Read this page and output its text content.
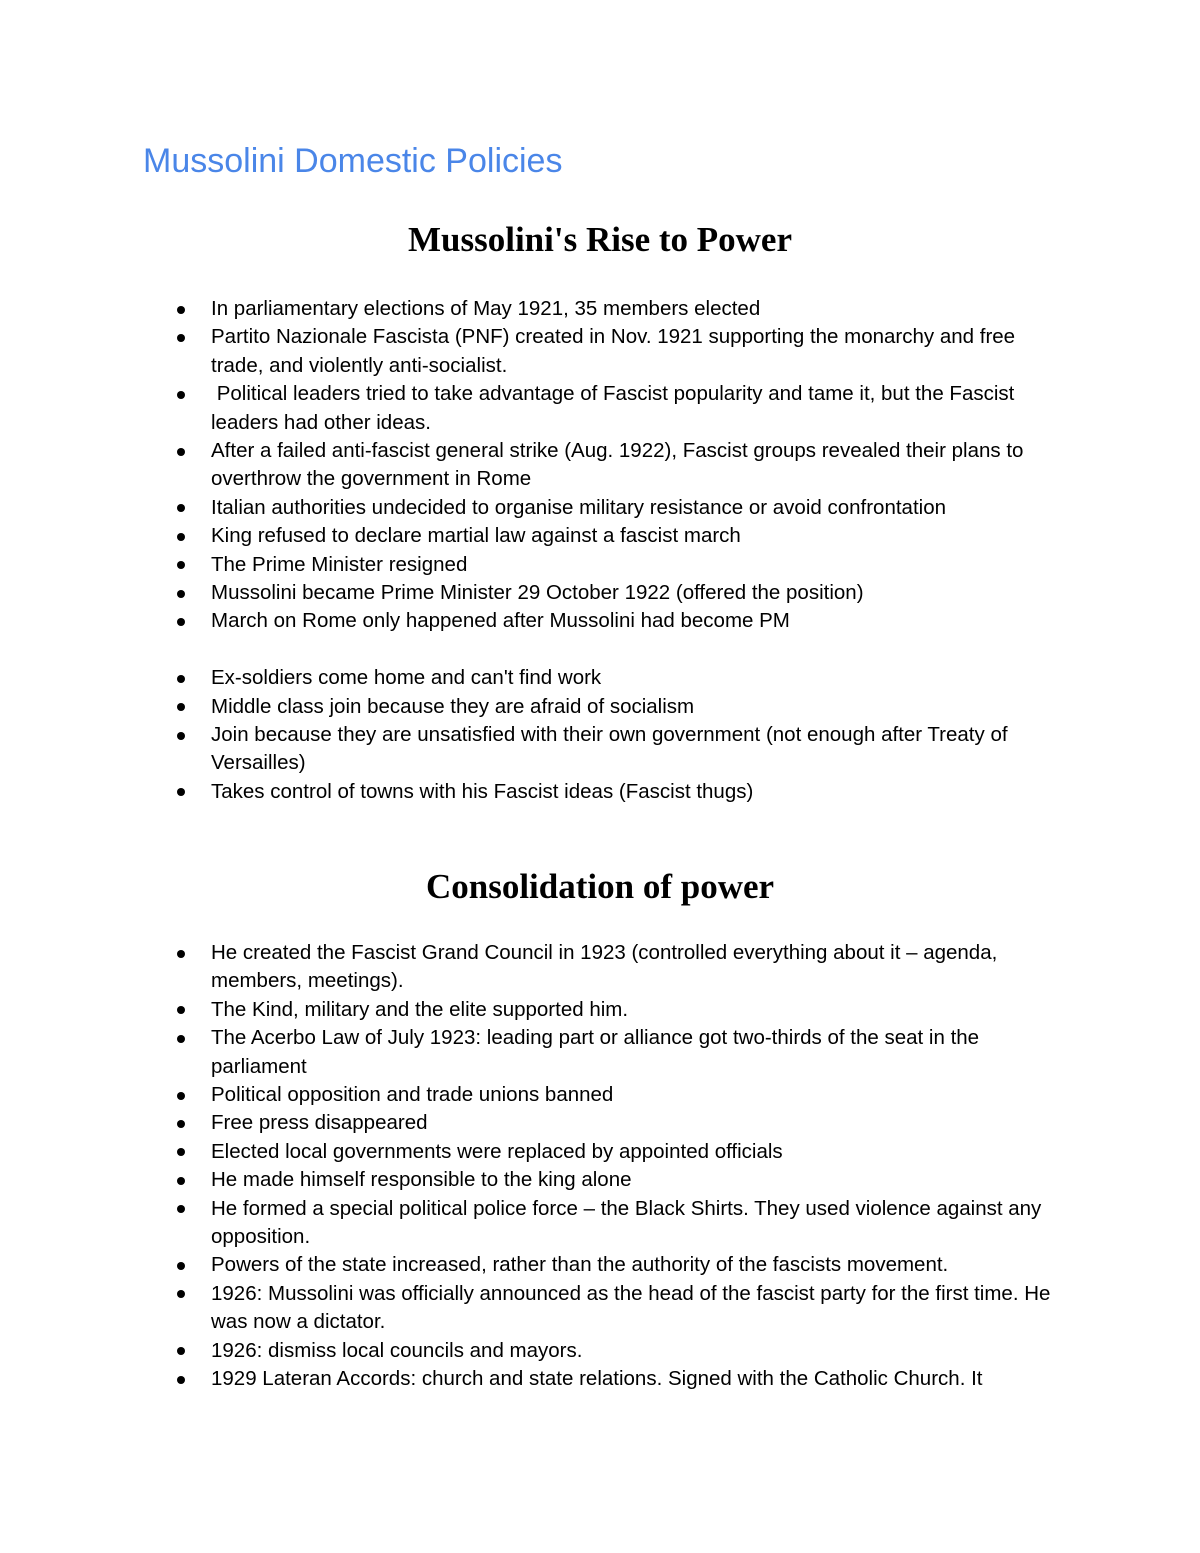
Mussolini Domestic Policies
Mussolini's Rise to Power
In parliamentary elections of May 1921, 35 members elected
Partito Nazionale Fascista (PNF) created in Nov. 1921 supporting the monarchy and free trade, and violently anti-socialist.
Political leaders tried to take advantage of Fascist popularity and tame it, but the Fascist leaders had other ideas.
After a failed anti-fascist general strike (Aug. 1922), Fascist groups revealed their plans to overthrow the government in Rome
Italian authorities undecided to organise military resistance or avoid confrontation
King refused to declare martial law against a fascist march
The Prime Minister resigned
Mussolini became Prime Minister 29 October 1922 (offered the position)
March on Rome only happened after Mussolini had become PM
Ex-soldiers come home and can't find work
Middle class join because they are afraid of socialism
Join because they are unsatisfied with their own government (not enough after Treaty of Versailles)
Takes control of towns with his Fascist ideas (Fascist thugs)
Consolidation of power
He created the Fascist Grand Council in 1923 (controlled everything about it – agenda, members, meetings).
The Kind, military and the elite supported him.
The Acerbo Law of July 1923: leading part or alliance got two-thirds of the seat in the parliament
Political opposition and trade unions banned
Free press disappeared
Elected local governments were replaced by appointed officials
He made himself responsible to the king alone
He formed a special political police force – the Black Shirts. They used violence against any opposition.
Powers of the state increased, rather than the authority of the fascists movement.
1926: Mussolini was officially announced as the head of the fascist party for the first time. He was now a dictator.
1926: dismiss local councils and mayors.
1929 Lateran Accords: church and state relations. Signed with the Catholic Church. It
